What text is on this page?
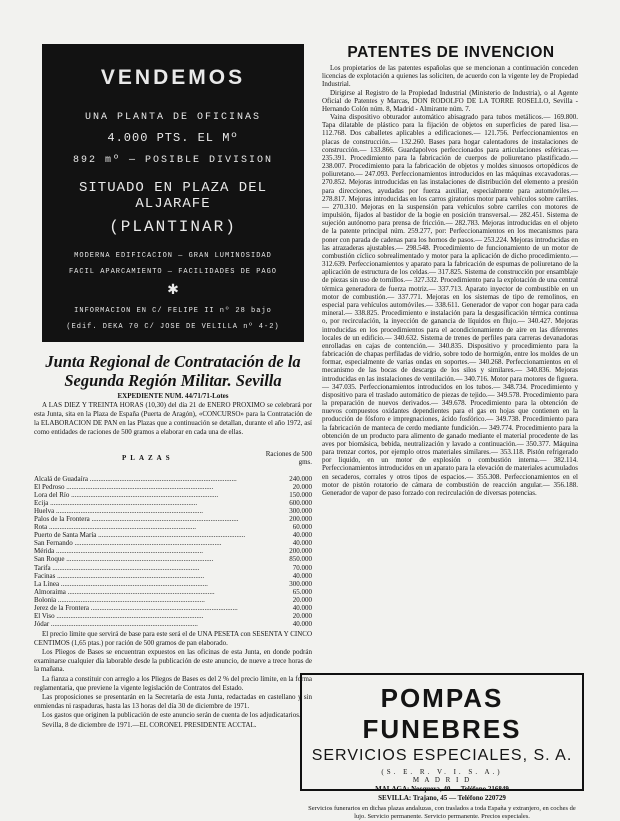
VENDEMOS
UNA PLANTA DE OFICINAS
4.000 PTS. EL Mº
892 mº — POSIBLE DIVISION
SITUADO EN PLAZA DEL ALJARAFE
(PLANTINAR)
MODERNA EDIFICACION — GRAN LUMINOSIDAD
FACIL APARCAMIENTO — FACILIDADES DE PAGO
✱
INFORMACION EN C/ FELIPE II nº 28 bajo
(Edif. DEKA 70 C/ JOSE DE VELILLA nº 4-2)
Junta Regional de Contratación de la Segunda Región Militar. Sevilla
EXPEDIENTE NUM. 44/71/71-Lotes
A LAS DIEZ Y TREINTA HORAS (10,30) del día 21 de ENERO PROXIMO se celebrará por esta Junta, sita en la Plaza de España (Puerta de Aragón), «CONCURSO» para la Contratación de la ELABORACION DE PAN en las Plazas que a continuación se detallan, durante el año 1972, así como entidades de raciones de 500 gramos a elaborar en cada una de ellas.
PLAZAS	Raciones de 500 gms.
Alcalá de Guadaíra .....	240.000
El Pedroso .....	20.000
Lora del Río .....	150.000
Ecija .....	600.000
Huelva .....	300.000
Palos de la Frontera .....	200.000
Rota .....	60.000
Puerto de Santa María .....	40.000
San Fernando .....	40.000
Mérida .....	200.000
San Roque .....	850.000
Tarifa .....	70.000
Facinas .....	40.000
La Línea .....	300.000
Almoraima .....	65.000
Bolonia .....	20.000
Jerez de la Frontera .....	40.000
El Viso .....	20.000
Jódar .....	40.000

El precio límite que servirá de base para este será el de UNA PESETA con SESENTA Y CINCO CENTIMOS (1,65 ptas.) por ración de 500 gramos de pan elaborado.

Los Pliegos de Bases se encuentran expuestos en las oficinas de esta Junta, en donde podrán examinarse cualquier día laborable desde la publicación de este anuncio, de nueve a trece horas de la mañana.

La fianza a constituir con arreglo a los Pliegos de Bases es del 2 % del precio límite, en la forma reglamentaria, que previene la vigente legislación de Contratos del Estado.

Las proposiciones se presentarán en la Secretaría de esta Junta, redactadas en castellano y sin enmiendas ni raspaduras, hasta las 13 horas del día 30 de diciembre de 1971.

Los gastos que originen la publicación de este anuncio serán de cuenta de los adjudicatarios.

Sevilla, 8 de diciembre de 1971.—EL CORONEL PRESIDENTE ACCTAL.

PATENTES DE INVENCION

Los propietarios de las patentes españolas que se mencionan a continuación conceden licencias de explotación a quienes las soliciten, de acuerdo con la vigente ley de Propiedad Industrial.

Dirigirse al Registro de la Propiedad Industrial (Ministerio de Industria), o al Agente Oficial de Patentes y Marcas, DON RODOLFO DE LA TORRE ROSELLO, Sevilla - Hernando Colón núm. 8, Madrid - Almirante núm. 7.

Vaina dispositivo obturador automático abisagrado para tubos metálicos.— 169.800. Tapa dilatable de plástico para la fijación de objetos en superficies de pared lisa.— 112.768. Dos caballetes aplicables a edificaciones.— 121.756. Perfeccionamientos en placas de construcción.— 132.260. Bases para hogar calentadores de instalaciones de construcción.— 133.866. Guardapolvos perfeccionados para articulaciones esféricas.— 235.391. Procedimiento para la fabricación de cuerpos de poliuretano plastificado.— 238.007. Procedimiento para la fabricación de objetos y moldes sinuosos ortopédicos de poliuretano.— 247.093. Perfeccionamientos introducidos en las máquinas excavadoras.— 270.852. Mejoras introducidas en las instalaciones de distribución del elemento a presión para direcciones, ayudadas por fuerza auxiliar, especialmente para automóviles.— 278.817. Mejoras introducidas en los carros giratorios motor para vehículos sobre carriles.— 270.310. Mejoras en la suspensión para vehículos sobre carriles con motores de impulsión, fijados al bastidor de la bogie en posición transversal.— 282.451. Sistema de sujeción autónomo para prensa de fricción.— 282.783. Mejoras introducidas en el objeto de la patente principal núm. 259.277, por: Perfeccionamientos en los mecanismos para poner con parada de cadenas para los hornos de pasos.— 253.224. Mejoras introducidas en las atrazaderas ajustables.— 298.548. Procedimiento de funcionamiento de un motor de combustión cíclico sobrealimentado y motor para la aplicación de dicho procedimiento.— 312.639. Perfeccionamientos y aparato para la fabricación de espumas de poliuretano de la aplicación de estructura de los celdas.— 317.825. Sistema de construcción por ensamblaje de piezas sin uso de tornillos.— 327.332. Procedimiento para la explotación de una central térmica generadora de fuerza motriz.— 337.713. Aparato inyector de combustible en un motor de combustión.— 337.771. Mejoras en los sistemas de tipo de remolinos, en especial para vehículos automóviles.— 338.611. Generador de vapor con hogar para cada mineral.— 338.825. Procedimiento e instalación para la desgasificación térmica continua o, por recirculación, la inyección de ganancia de líquidos en flujo.— 340.427. Mejoras introducidas en los procedimientos para el acondicionamiento de aire en las diferentes locales de un edificio.— 340.632. Sistema de trenes de perfiles para carreras devanadoras enrolladas en cajas de contención.— 340.835. Dispositivo y procedimiento para la fabricación de chapas perfiladas de vidrio, sobre todo de hormigón, entre los moldes de un formar, especialmente de varias ondas en soportes.— 340.268. Perfeccionamientos en el mecanismo de las bocas de descarga de los silos y similares.— 340.836. Mejoras introducidas en las instalaciones de ventilación.— 340.716. Motor para motores de figuera.— 347.035. Perfeccionamientos introducidos en los tubos.— 348.734. Procedimiento y dispositivo para el traslado automático de piezas de tejido.— 349.578. Procedimiento para la preparación de nuevos derivados.— 349.678. Procedimiento para la obtención de nuevos compuestos oxidantes dependientes para el gas en hojas que contienen en la producción de fósforo e impregnaciones, ácido fosfórico.— 349.738. Procedimiento para la fabricación de manteca de cerdo mediante fundición.— 349.774. Procedimiento para la obtención de un producto para alimento de ganado mediante el material procedente de las aves por biomásica, bebida, neutralización y lavado a continuación.— 350.377. Máquina para trenzar cortos, por ejemplo otros materiales similares.— 353.118. Pistón refrigerado por liquido, en un motor de explosión o combustión interna.— 382.114. Perfeccionamientos introducidos en un aparato para la elevación de materiales acumulados en secaderos, corrales y otros tipos de espacios.— 355.308. Perfeccionamientos en el motor de pistón rotatorio de cámara de combustión de reacción angular.— 356.188. Generador de vapor de paso forzado con recirculación de diversas potencias.

POMPAS FUNEBRES
SERVICIOS ESPECIALES, S. A.
(S. E. R. V. I. S. A.)
M A D R I D
MALAGA: Nosquera, 40 — Teléfono 216849
SEVILLA: Trajano, 45 — Teléfono 220729
Servicios funerarios en dichas plazas andaluzas, con traslados a toda España y extranjero, en coches de lujo. Servicio permanente. Servicio permanente. Precios especiales.
